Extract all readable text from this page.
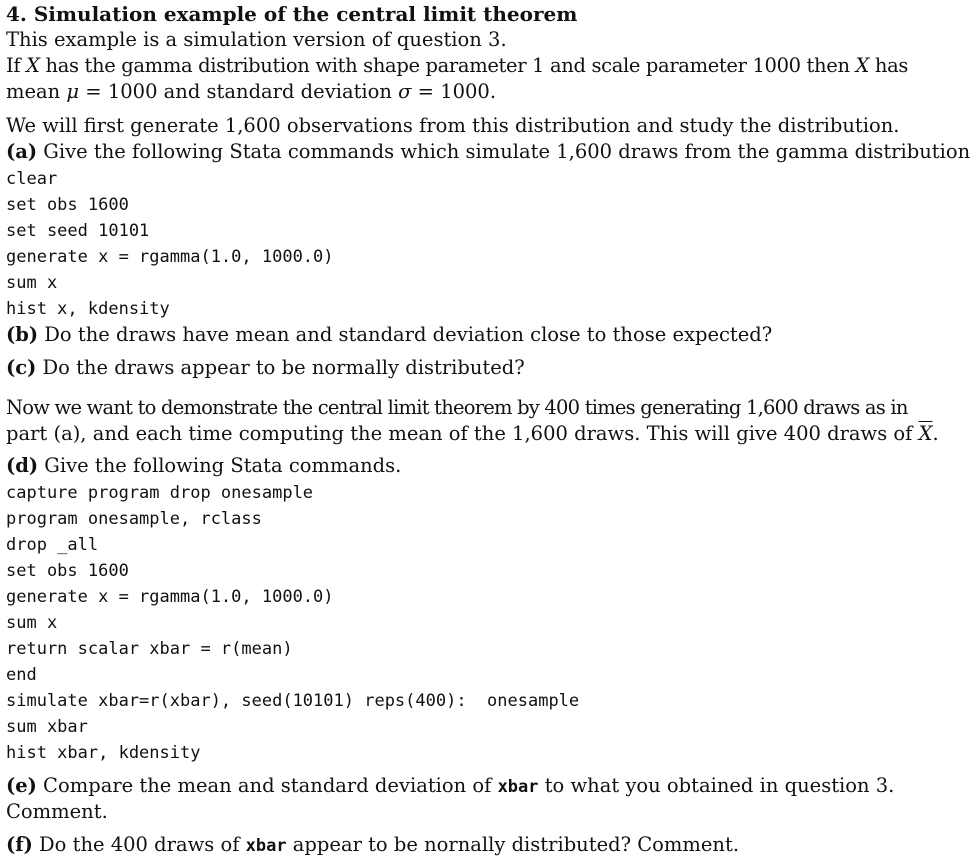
4. Simulation example of the central limit theorem
This example is a simulation version of question 3.
If X has the gamma distribution with shape parameter 1 and scale parameter 1000 then X has
mean μ = 1000 and standard deviation σ = 1000.
We will first generate 1,600 observations from this distribution and study the distribution.
(a) Give the following Stata commands which simulate 1,600 draws from the gamma distribution
clear
set obs 1600
set seed 10101
generate x = rgamma(1.0, 1000.0)
sum x
hist x, kdensity
(b) Do the draws have mean and standard deviation close to those expected?
(c) Do the draws appear to be normally distributed?
Now we want to demonstrate the central limit theorem by 400 times generating 1,600 draws as in
part (a), and each time computing the mean of the 1,600 draws. This will give 400 draws of $\overline{X}$.
(d) Give the following Stata commands.
capture program drop onesample
program onesample, rclass
drop _all
set obs 1600
generate x = rgamma(1.0, 1000.0)
sum x
return scalar xbar = r(mean)
end
simulate xbar=r(xbar), seed(10101) reps(400):  onesample
sum xbar
hist xbar, kdensity
(e) Compare the mean and standard deviation of xbar to what you obtained in question 3.
Comment.
(f) Do the 400 draws of xbar appear to be nornally distributed? Comment.
